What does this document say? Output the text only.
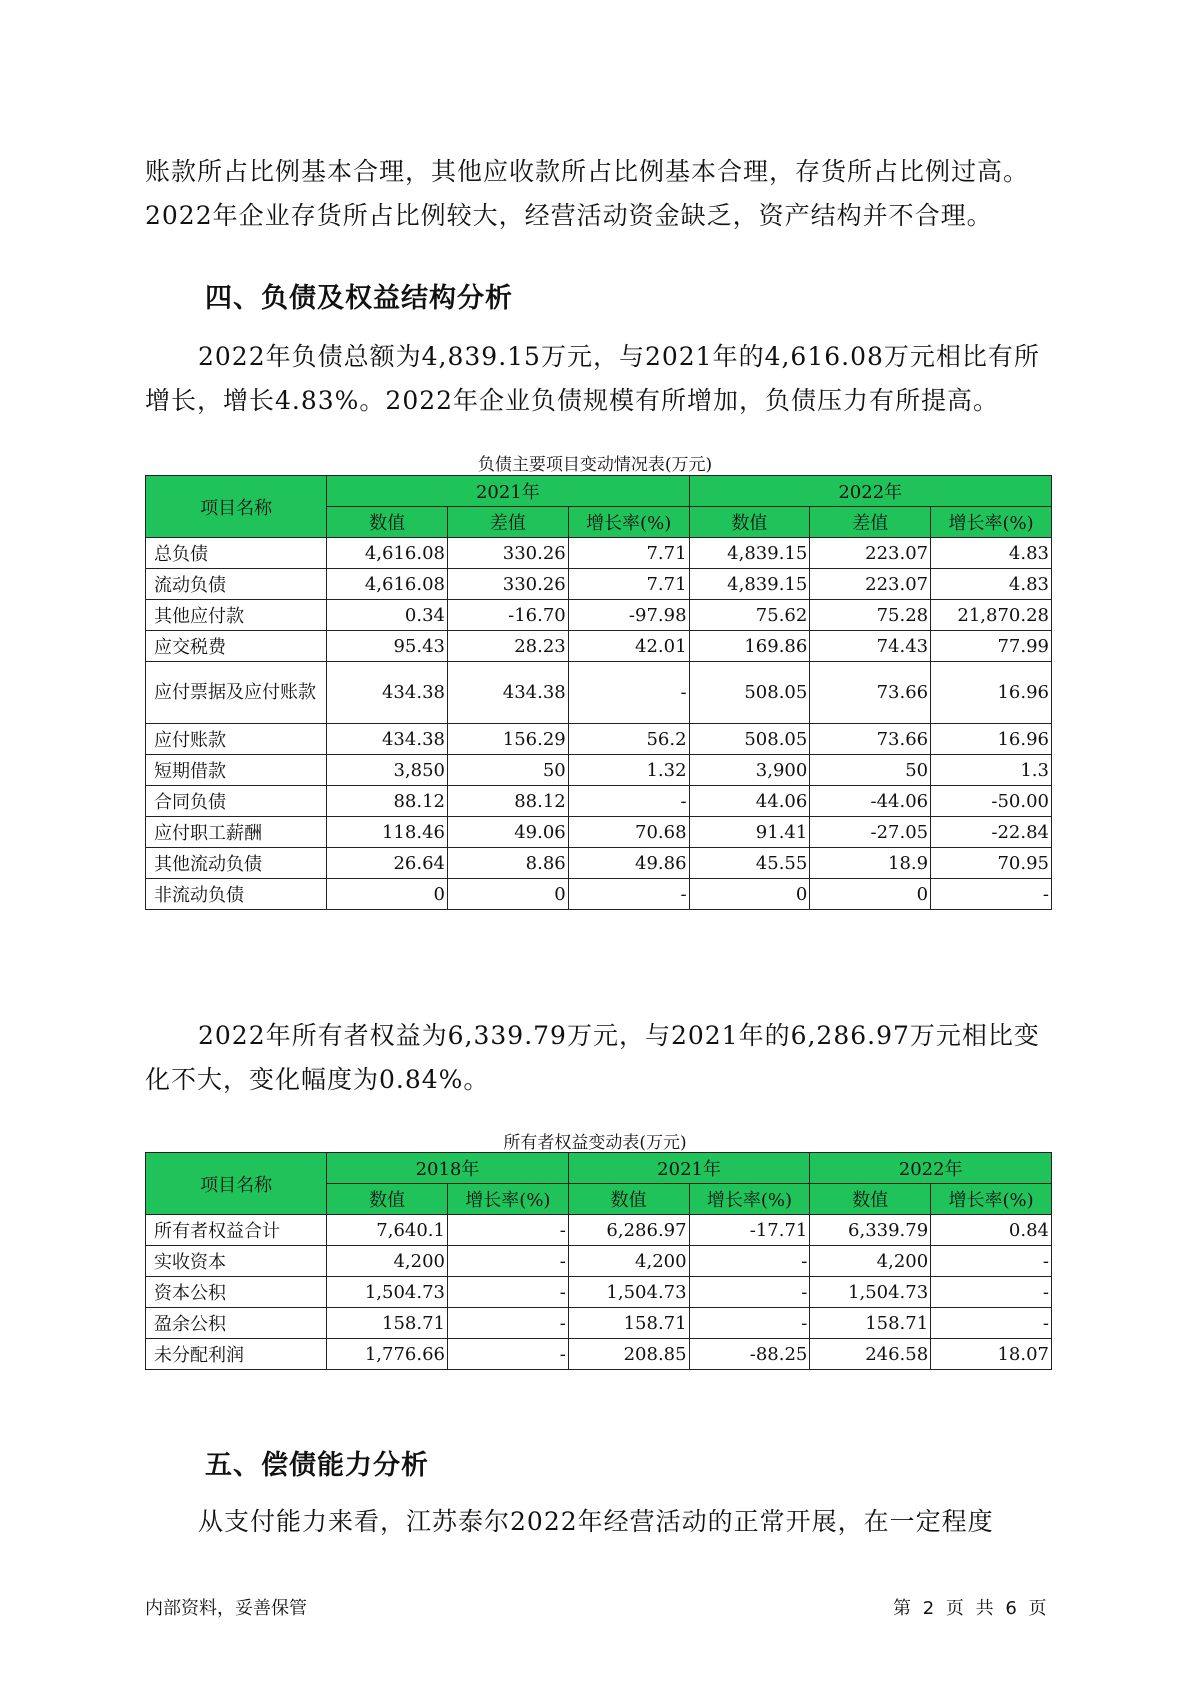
账款所占比例基本合理，其他应收款所占比例基本合理，存货所占比例过高。2022年企业存货所占比例较大，经营活动资金缺乏，资产结构并不合理。

四、负债及权益结构分析

2022年负债总额为4,839.15万元，与2021年的4,616.08万元相比有所增长，增长4.83%。2022年企业负债规模有所增加，负债压力有所提高。

负债主要项目变动情况表(万元)

项目名称	2021年			2022年		
	数值	差值	增长率(%)	数值	差值	增长率(%)
总负债	4,616.08	330.26	7.71	4,839.15	223.07	4.83
流动负债	4,616.08	330.26	7.71	4,839.15	223.07	4.83
其他应付款	0.34	-16.70	-97.98	75.62	75.28	21,870.28
应交税费	95.43	28.23	42.01	169.86	74.43	77.99
应付票据及应付账款	434.38	434.38	-	508.05	73.66	16.96
应付账款	434.38	156.29	56.2	508.05	73.66	16.96
短期借款	3,850	50	1.32	3,900	50	1.3
合同负债	88.12	88.12	-	44.06	-44.06	-50.00
应付职工薪酬	118.46	49.06	70.68	91.41	-27.05	-22.84
其他流动负债	26.64	8.86	49.86	45.55	18.9	70.95
非流动负债	0	0	-	0	0	-

2022年所有者权益为6,339.79万元，与2021年的6,286.97万元相比变化不大，变化幅度为0.84%。

所有者权益变动表(万元)

项目名称	2018年		2021年		2022年	
	数值	增长率(%)	数值	增长率(%)	数值	增长率(%)
所有者权益合计	7,640.1	-	6,286.97	-17.71	6,339.79	0.84
实收资本	4,200	-	4,200	-	4,200	-
资本公积	1,504.73	-	1,504.73	-	1,504.73	-
盈余公积	158.71	-	158.71	-	158.71	-
未分配利润	1,776.66	-	208.85	-88.25	246.58	18.07
五、偿债能力分析

从支付能力来看，江苏泰尔2022年经营活动的正常开展，在一定程度

内部资料，妥善保管	第 2 页 共 6 页
